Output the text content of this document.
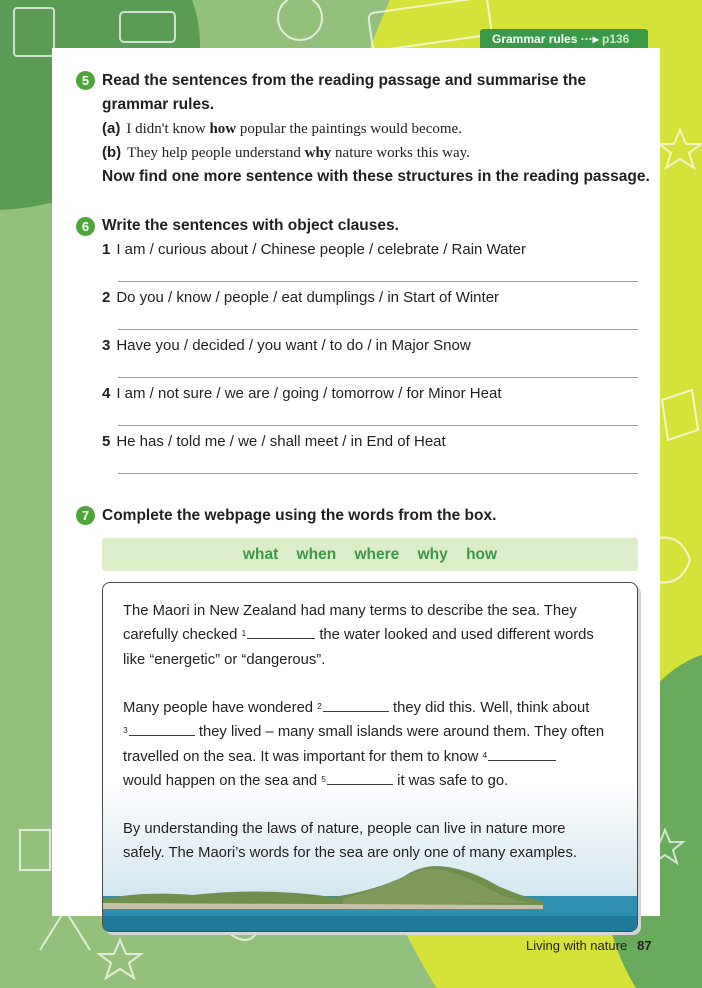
Grammar rules ···▸ p136
5 Read the sentences from the reading passage and summarise the
grammar rules.
(a) I didn't know how popular the paintings would become.
(b) They help people understand why nature works this way.
Now find one more sentence with these structures in the reading passage.
6 Write the sentences with object clauses.
1 I am / curious about / Chinese people / celebrate / Rain Water
2 Do you / know / people / eat dumplings / in Start of Winter
3 Have you / decided / you want / to do / in Major Snow
4 I am / not sure / we are / going / tomorrow / for Minor Heat
5 He has / told me / we / shall meet / in End of Heat
7 Complete the webpage using the words from the box.
what when where why how
The Maori in New Zealand had many terms to describe the sea. They
carefully checked $^1$	the water looked and used different words
like “energetic” or “dangerous”.
Many people have wondered $^2$	they did this. Well, think about
$^3$	they lived – many small islands were around them. They often
travelled on the sea. It was important for them to know $^4$
would happen on the sea and $^5$	it was safe to go.
By understanding the laws of nature, people can live in nature more
safely. The Maori’s words for the sea are only one of many examples.
Living with nature 87
